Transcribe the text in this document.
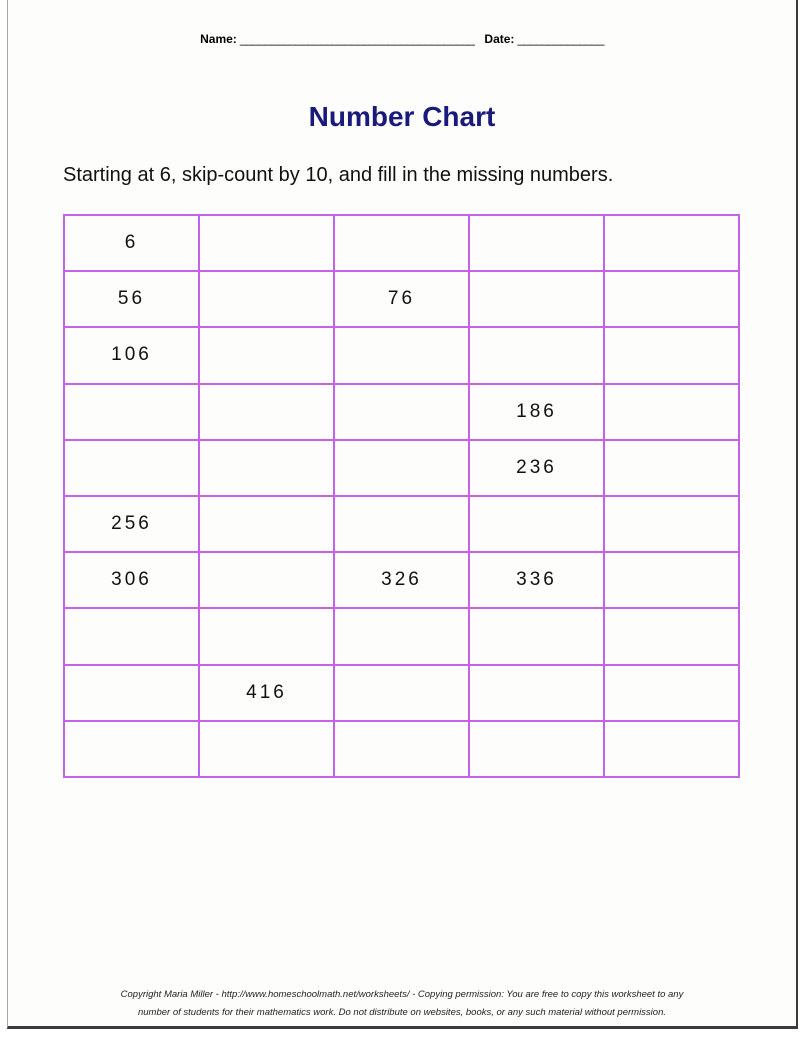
Name: ______________________________________ Date: ______________
Number Chart
Starting at 6, skip-count by 10, and fill in the missing numbers.
6				
56		76		
106				
			186	
			236	
256				
306		326	336	

	416			

Copyright Maria Miller - http://www.homeschoolmath.net/worksheets/ - Copying permission: You are free to copy this worksheet to any
number of students for their mathematics work. Do not distribute on websites, books, or any such material without permission.
